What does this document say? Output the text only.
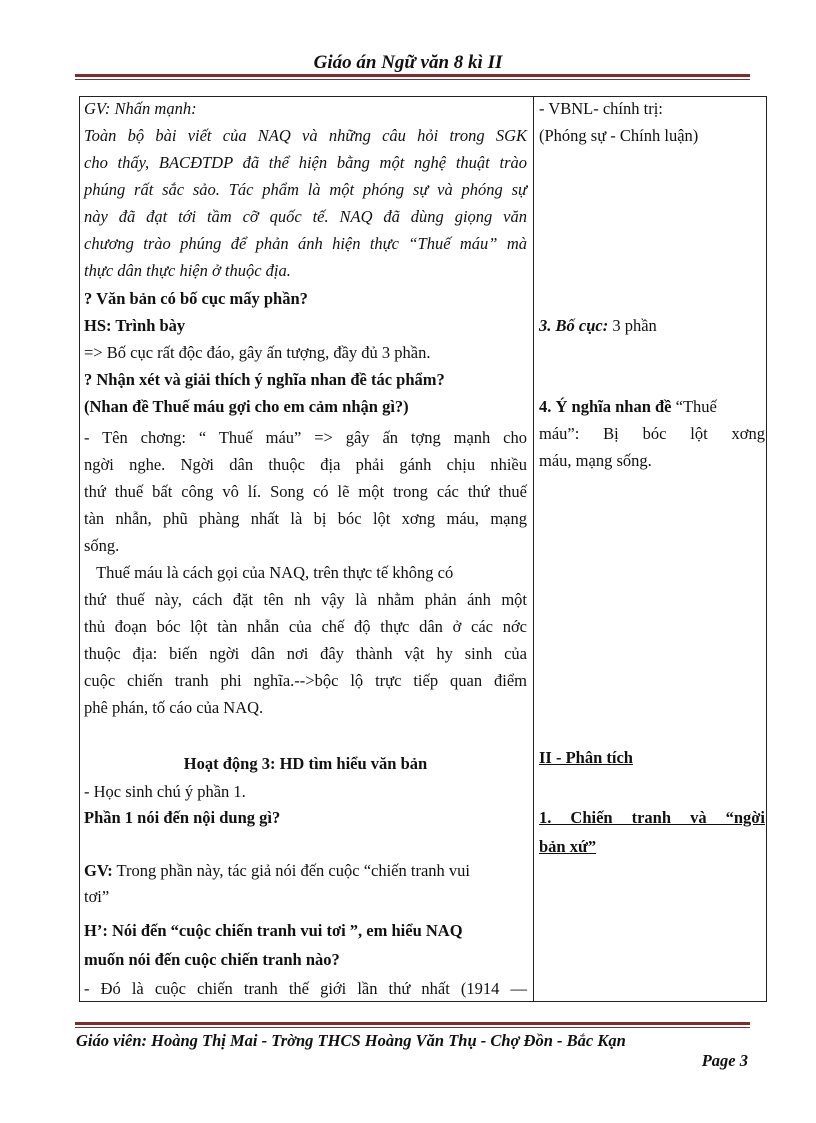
Giáo án Ngữ văn 8 kì II
GV: Nhấn mạnh:
Toàn bộ bài viết của NAQ và những câu hỏi trong SGK
cho thấy, BACĐTDP đã thể hiện bằng một nghệ thuật trào
phúng rất sắc sảo. Tác phẩm là một phóng sự và phóng sự
này đã đạt tới tầm cỡ quốc tế. NAQ đã dùng giọng văn
chương trào phúng để phản ánh hiện thực “Thuế máu” mà
thực dân thực hiện ở thuộc địa.
? Văn bản có bố cục mấy phần?
HS: Trình bày
=> Bố cục rất độc đáo, gây ấn tượng, đầy đủ 3 phần.
? Nhận xét và giải thích ý nghĩa nhan đề tác phẩm?
(Nhan đề Thuế máu gợi cho em cảm nhận gì?)
- Tên chơng: “ Thuế máu” => gây ấn tợng mạnh cho
ngời nghe. Ngời dân thuộc địa phải gánh chịu nhiều
thứ thuế bất công vô lí. Song có lẽ một trong các thứ thuế
tàn nhẫn, phũ phàng nhất là bị bóc lột xơng máu, mạng
sống.
Thuế máu là cách gọi của NAQ, trên thực tế không có
thứ thuế này, cách đặt tên nh vậy là nhằm phản ánh một
thủ đoạn bóc lột tàn nhẫn của chế độ thực dân ở các nớc
thuộc địa: biến ngời dân nơi đây thành vật hy sinh của
cuộc chiến tranh phi nghĩa.-->bộc lộ trực tiếp quan điểm
phê phán, tố cáo của NAQ.
Hoạt động 3: HD tìm hiểu văn bản
- Học sinh chú ý phần 1.
Phần 1 nói đến nội dung gì?
GV: Trong phần này, tác giả nói đến cuộc “chiến tranh vui
tơi”
H’: Nói đến “cuộc chiến tranh vui tơi ”, em hiểu NAQ
muốn nói đến cuộc chiến tranh nào?
- Đó là cuộc chiến tranh thế giới lần thứ nhất (1914 —
- VBNL- chính trị:
(Phóng sự - Chính luận)
3. Bố cục: 3 phần
4. Ý nghĩa nhan đề “Thuế
máu”: Bị bóc lột xơng
máu, mạng sống.
II - Phân tích
1. Chiến tranh và “ngời
bản xứ”
Giáo viên: Hoàng Thị Mai - Trờng THCS Hoàng Văn Thụ - Chợ Đồn - Bắc Kạn
Page 3
